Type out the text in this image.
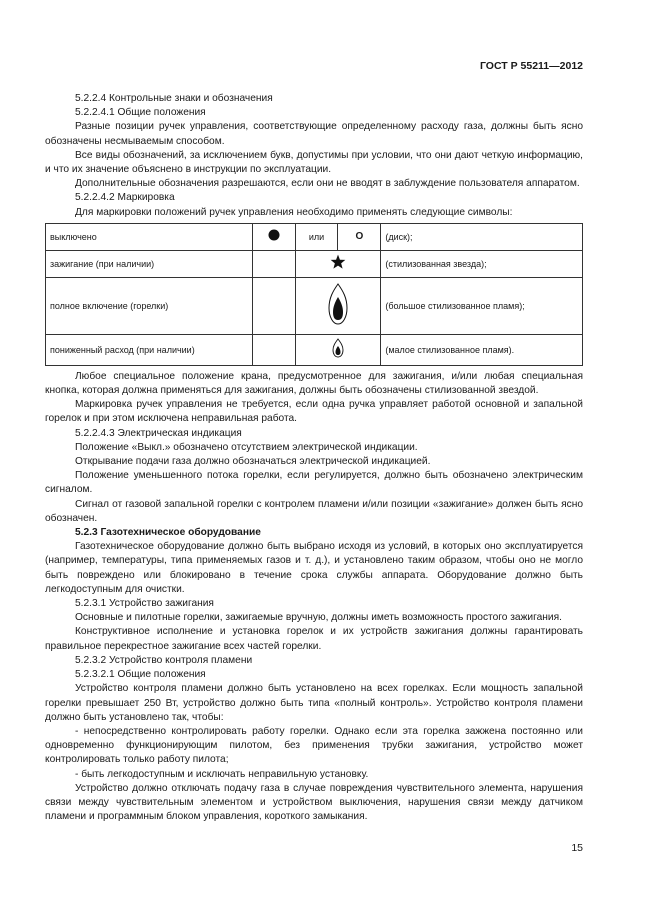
ГОСТ Р 55211—2012

5.2.2.4 Контрольные знаки и обозначения

5.2.2.4.1 Общие положения

Разные позиции ручек управления, соответствующие определенному расходу газа, должны быть ясно обозначены несмываемым способом.

Все виды обозначений, за исключением букв, допустимы при условии, что они дают четкую информацию, и что их значение объяснено в инструкции по эксплуатации.

Дополнительные обозначения разрешаются, если они не вводят в заблуждение пользователя аппаратом.

5.2.2.4.2 Маркировка

Для маркировки положений ручек управления необходимо применять следующие символы:

выключено		или	О	(диск);
зажигание (при наличии)				(стилизованная звезда);
полное включение (горелки)				(большое стилизованное пламя);
пониженный расход (при наличии)				(малое стилизованное пламя).

Любое специальное положение крана, предусмотренное для зажигания, и/или любая специальная кнопка, которая должна применяться для зажигания, должны быть обозначены стилизованной звездой.

Маркировка ручек управления не требуется, если одна ручка управляет работой основной и запальной горелок и при этом исключена неправильная работа.

5.2.2.4.3 Электрическая индикация

Положение «Выкл.» обозначено отсутствием электрической индикации.

Открывание подачи газа должно обозначаться электрической индикацией.

Положение уменьшенного потока горелки, если регулируется, должно быть обозначено электрическим сигналом.

Сигнал от газовой запальной горелки с контролем пламени и/или позиции «зажигание» должен быть ясно обозначен.

5.2.3 Газотехническое оборудование

Газотехническое оборудование должно быть выбрано исходя из условий, в которых оно эксплуатируется (например, температуры, типа применяемых газов и т. д.), и установлено таким образом, чтобы оно не могло быть повреждено или блокировано в течение срока службы аппарата. Оборудование должно быть легкодоступным для очистки.

5.2.3.1 Устройство зажигания

Основные и пилотные горелки, зажигаемые вручную, должны иметь возможность простого зажигания.

Конструктивное исполнение и установка горелок и их устройств зажигания должны гарантировать правильное перекрестное зажигание всех частей горелки.

5.2.3.2 Устройство контроля пламени

5.2.3.2.1 Общие положения

Устройство контроля пламени должно быть установлено на всех горелках. Если мощность запальной горелки превышает 250 Вт, устройство должно быть типа «полный контроль». Устройство контроля пламени должно быть установлено так, чтобы:

- непосредственно контролировать работу горелки. Однако если эта горелка зажжена постоянно или одновременно функционирующим пилотом, без применения трубки зажигания, устройство может контролировать только работу пилота;

- быть легкодоступным и исключать неправильную установку.

Устройство должно отключать подачу газа в случае повреждения чувствительного элемента, нарушения связи между чувствительным элементом и устройством выключения, нарушения связи между датчиком пламени и программным блоком управления, короткого замыкания.

15
